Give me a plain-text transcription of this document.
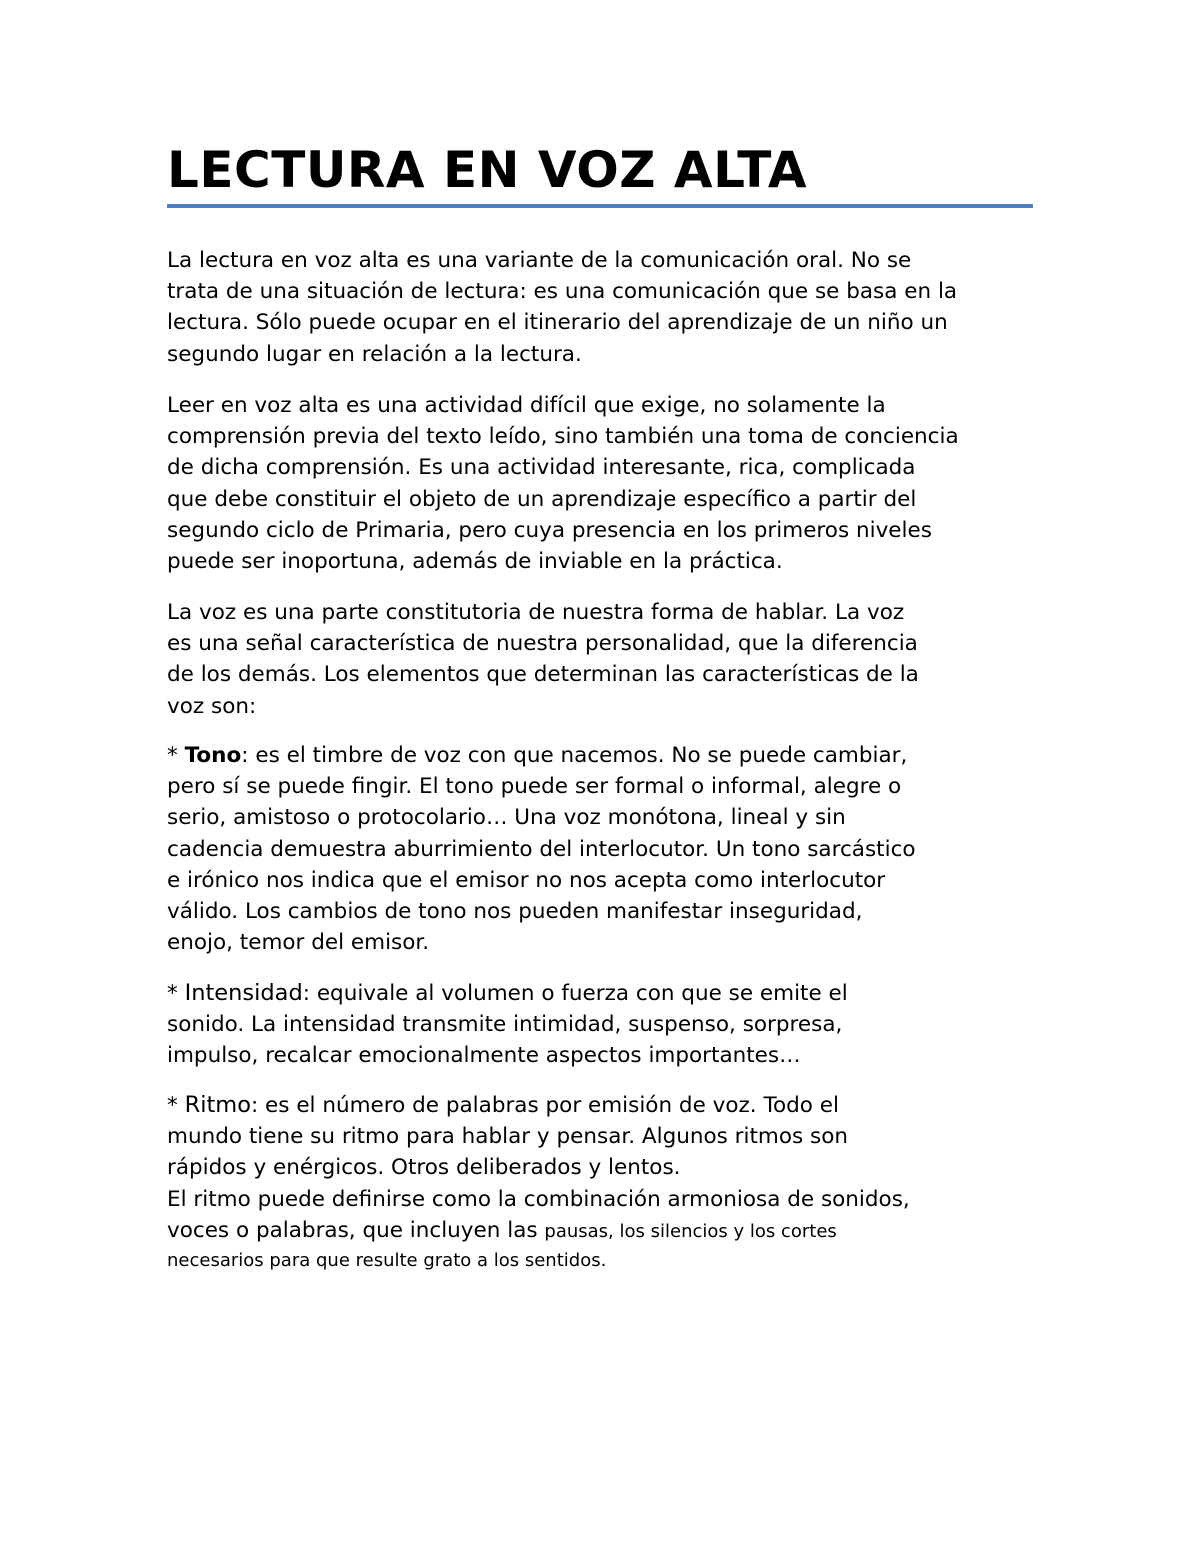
LECTURA EN VOZ ALTA
La lectura en voz alta es una variante de la comunicación oral. No se
trata de una situación de lectura: es una comunicación que se basa en la
lectura. Sólo puede ocupar en el itinerario del aprendizaje de un niño un
segundo lugar en relación a la lectura.
Leer en voz alta es una actividad difícil que exige, no solamente la
comprensión previa del texto leído, sino también una toma de conciencia
de dicha comprensión. Es una actividad interesante, rica, complicada
que debe constituir el objeto de un aprendizaje específico a partir del
segundo ciclo de Primaria, pero cuya presencia en los primeros niveles
puede ser inoportuna, además de inviable en la práctica.
La voz es una parte constitutoria de nuestra forma de hablar. La voz
es una señal característica de nuestra personalidad, que la diferencia
de los demás. Los elementos que determinan las características de la
voz son:
* Tono: es el timbre de voz con que nacemos. No se puede cambiar,
pero sí se puede fingir. El tono puede ser formal o informal, alegre o
serio, amistoso o protocolario… Una voz monótona, lineal y sin
cadencia demuestra aburrimiento del interlocutor. Un tono sarcástico
e irónico nos indica que el emisor no nos acepta como interlocutor
válido. Los cambios de tono nos pueden manifestar inseguridad,
enojo, temor del emisor.
* Intensidad: equivale al volumen o fuerza con que se emite el
sonido. La intensidad transmite intimidad, suspenso, sorpresa,
impulso, recalcar emocionalmente aspectos importantes…
* Ritmo: es el número de palabras por emisión de voz. Todo el
mundo tiene su ritmo para hablar y pensar. Algunos ritmos son
rápidos y enérgicos. Otros deliberados y lentos.
El ritmo puede definirse como la combinación armoniosa de sonidos,
voces o palabras, que incluyen las pausas, los silencios y los cortes
necesarios para que resulte grato a los sentidos.
